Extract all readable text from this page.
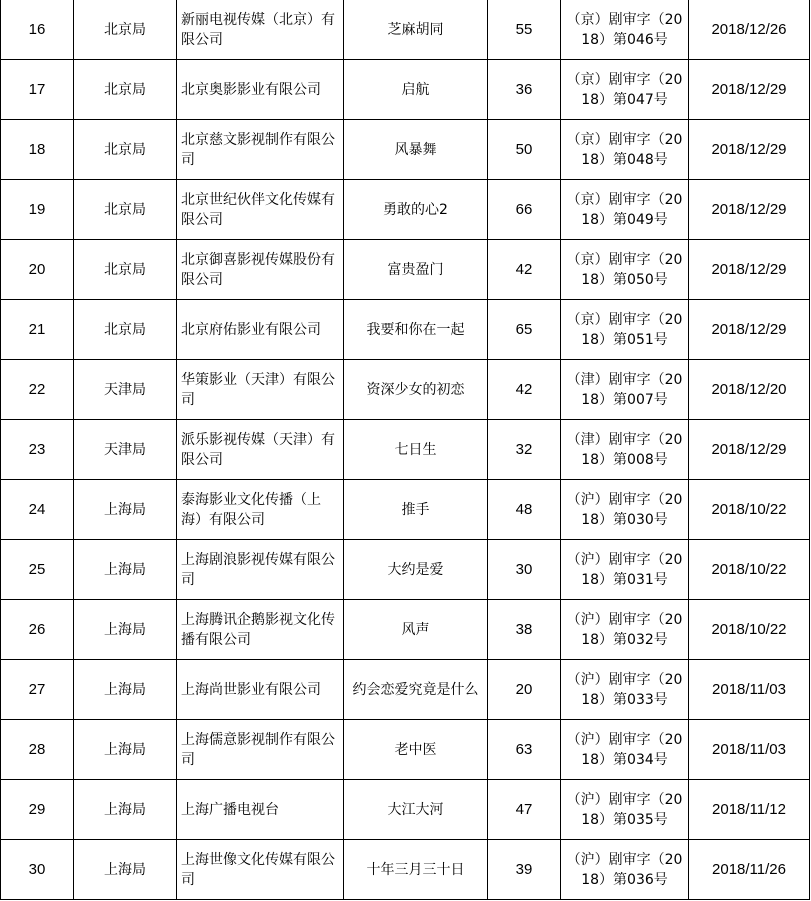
16	北京局	新丽电视传媒（北京）有限公司	芝麻胡同	55	（京）剧审字（2018）第046号	2018/12/26
17	北京局	北京奥影影业有限公司	启航	36	（京）剧审字（2018）第047号	2018/12/29
18	北京局	北京慈文影视制作有限公司	风暴舞	50	（京）剧审字（2018）第048号	2018/12/29
19	北京局	北京世纪伙伴文化传媒有限公司	勇敢的心2	66	（京）剧审字（2018）第049号	2018/12/29
20	北京局	北京御喜影视传媒股份有限公司	富贵盈门	42	（京）剧审字（2018）第050号	2018/12/29
21	北京局	北京府佑影业有限公司	我要和你在一起	65	（京）剧审字（2018）第051号	2018/12/29
22	天津局	华策影业（天津）有限公司	资深少女的初恋	42	（津）剧审字（2018）第007号	2018/12/20
23	天津局	派乐影视传媒（天津）有限公司	七日生	32	（津）剧审字（2018）第008号	2018/12/29
24	上海局	泰海影业文化传播（上海）有限公司	推手	48	（沪）剧审字（2018）第030号	2018/10/22
25	上海局	上海剧浪影视传媒有限公司	大约是爱	30	（沪）剧审字（2018）第031号	2018/10/22
26	上海局	上海腾讯企鹅影视文化传播有限公司	风声	38	（沪）剧审字（2018）第032号	2018/10/22
27	上海局	上海尚世影业有限公司	约会恋爱究竟是什么	20	（沪）剧审字（2018）第033号	2018/11/03
28	上海局	上海儒意影视制作有限公司	老中医	63	（沪）剧审字（2018）第034号	2018/11/03
29	上海局	上海广播电视台	大江大河	47	（沪）剧审字（2018）第035号	2018/11/12
30	上海局	上海世像文化传媒有限公司	十年三月三十日	39	（沪）剧审字（2018）第036号	2018/11/26
